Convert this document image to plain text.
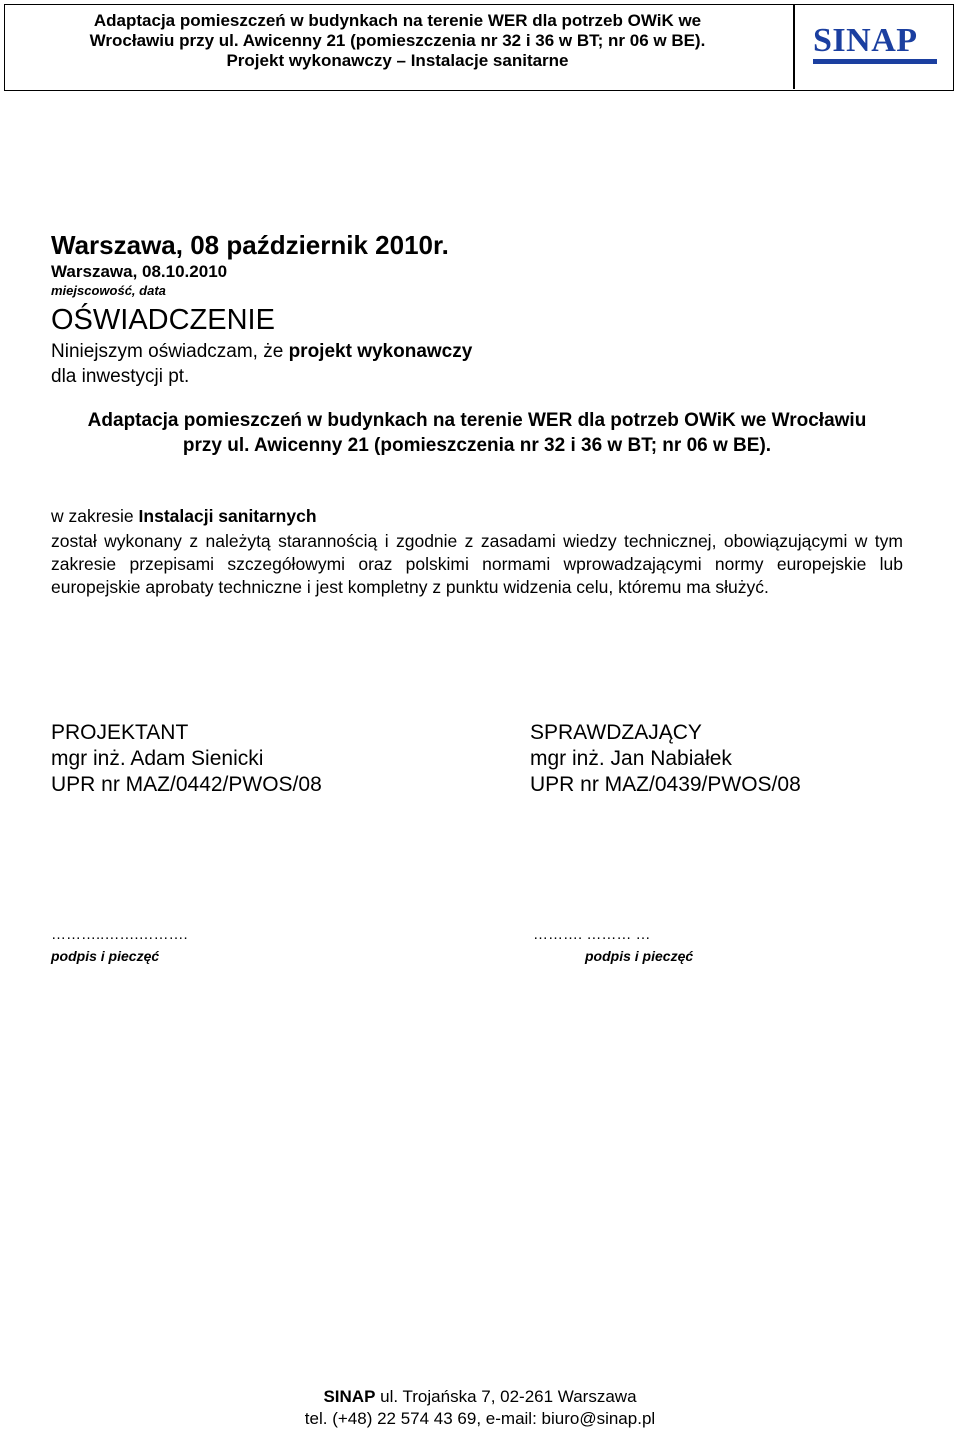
Adaptacja pomieszczeń w budynkach na terenie WER dla potrzeb OWiK we
Wrocławiu przy ul. Awicenny 21 (pomieszczenia nr 32 i 36 w BT; nr 06 w BE).
Projekt wykonawczy – Instalacje sanitarne
SINAP
Warszawa, 08 październik 2010r.
Warszawa, 08.10.2010
miejscowość, data
OŚWIADCZENIE
Niniejszym oświadczam, że projekt wykonawczy
dla inwestycji pt.
Adaptacja pomieszczeń w budynkach na terenie WER dla potrzeb OWiK we Wrocławiu
przy ul. Awicenny 21 (pomieszczenia nr 32 i 36 w BT; nr 06 w BE).
w zakresie Instalacji sanitarnych
został wykonany z należytą starannością i zgodnie z zasadami wiedzy technicznej, obowiązującymi w tym zakresie przepisami szczegółowymi oraz polskimi normami wprowadzającymi normy europejskie lub europejskie aprobaty techniczne i jest kompletny z punktu widzenia celu, któremu ma służyć.
PROJEKTANT
mgr inż. Adam Sienicki
UPR nr MAZ/0442/PWOS/08
SPRAWDZAJĄCY
mgr inż. Jan Nabiałek
UPR nr MAZ/0439/PWOS/08
………..…….……….	………. ……… …
podpis i pieczęć	podpis i pieczęć
SINAP ul. Trojańska 7, 02-261 Warszawa
tel. (+48) 22 574 43 69, e-mail: biuro@sinap.pl
